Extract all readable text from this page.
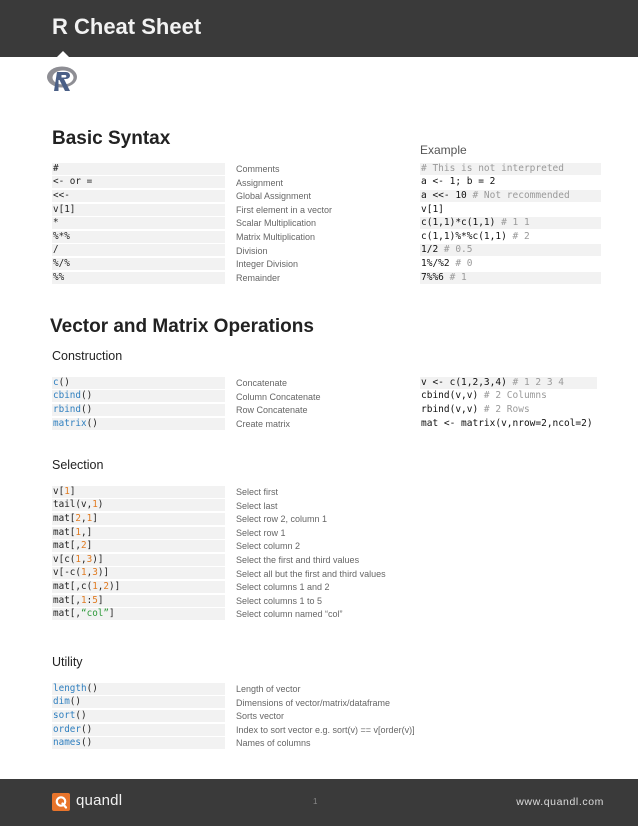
R Cheat Sheet
Basic Syntax
Example
#	Comments	# This is not interpreted
<- or =	Assignment	a <- 1; b = 2
<<-	Global Assignment	a <<- 10 # Not recommended
v[1]	First element in a vector	v[1]
*	Scalar Multiplication	c(1,1)*c(1,1) # 1 1
%*%	Matrix Multiplication	c(1,1)%*%c(1,1) # 2
/	Division	1/2 # 0.5
%/%	Integer Division	1%/%2 # 0
%%	Remainder	7%%6 # 1
Vector and Matrix Operations
Construction
c()	Concatenate	v <- c(1,2,3,4) # 1 2 3 4
cbind()	Column Concatenate	cbind(v,v) # 2 Columns
rbind()	Row Concatenate	rbind(v,v) # 2 Rows
matrix()	Create matrix	mat <- matrix(v,nrow=2,ncol=2)
Selection
v[1]	Select first
tail(v,1)	Select last
mat[2,1]	Select row 2, column 1
mat[1,]	Select row 1
mat[,2]	Select column 2
v[c(1,3)]	Select the first and third values
v[-c(1,3)]	Select all but the first and third values
mat[,c(1,2)]	Select columns 1 and 2
mat[,1:5]	Select columns 1 to 5
mat[,“col”]	Select column named “col”
Utility
length()	Length of vector
dim()	Dimensions of vector/matrix/dataframe
sort()	Sorts vector
order()	Index to sort vector e.g. sort(v) == v[order(v)]
names()	Names of columns
quandl	1	www.quandl.com
